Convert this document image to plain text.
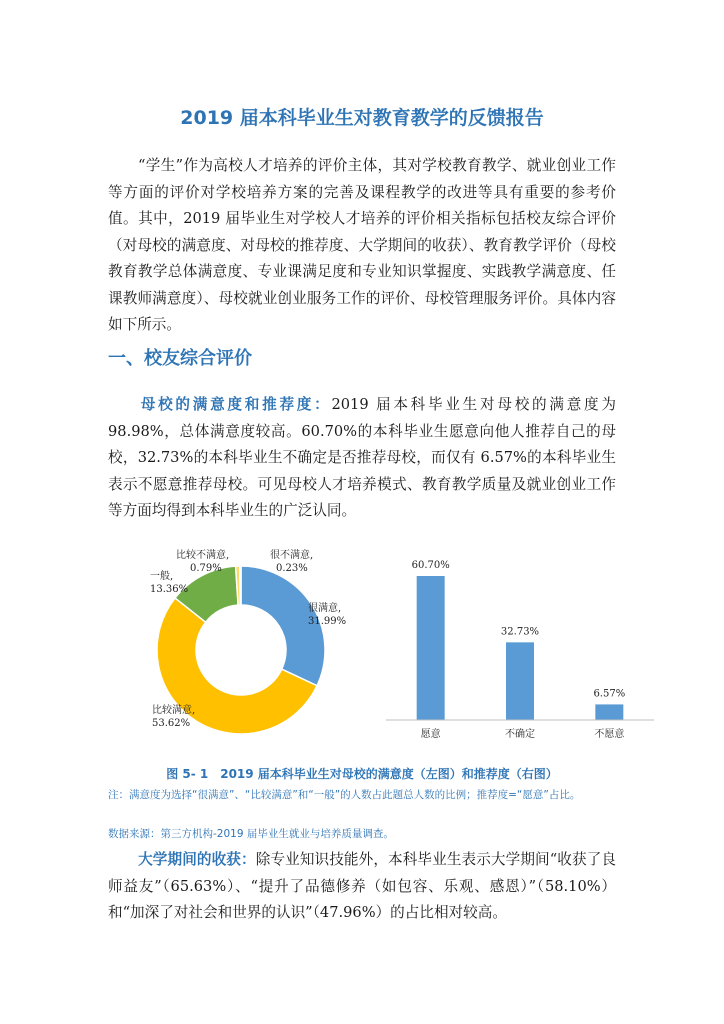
2019 届本科毕业生对教育教学的反馈报告

“学生”作为高校人才培养的评价主体，其对学校教育教学、就业创业工作等方面的评价对学校培养方案的完善及课程教学的改进等具有重要的参考价值。其中，2019 届毕业生对学校人才培养的评价相关指标包括校友综合评价（对母校的满意度、对母校的推荐度、大学期间的收获）、教育教学评价（母校教育教学总体满意度、专业课满足度和专业知识掌握度、实践教学满意度、任课教师满意度）、母校就业创业服务工作的评价、母校管理服务评价。具体内容如下所示。

一、校友综合评价

母校的满意度和推荐度：2019 届本科毕业生对母校的满意度为 98.98%，总体满意度较高。60.70%的本科毕业生愿意向他人推荐自己的母校，32.73%的本科毕业生不确定是否推荐母校，而仅有 6.57%的本科毕业生表示不愿意推荐母校。可见母校人才培养模式、教育教学质量及就业创业工作等方面均得到本科毕业生的广泛认同。

很满意,
31.99%
比较满意,
53.62%
一般,
13.36%
比较不满意,
0.79%
很不满意,
0.23%	60.70%
愿意
32.73%
不确定
6.57%
不愿意

图 5- 1　2019 届本科毕业生对母校的满意度（左图）和推荐度（右图）

注：满意度为选择“很满意”、“比较满意”和“一般”的人数占此题总人数的比例；推荐度=“愿意”占比。

数据来源：第三方机构-2019 届毕业生就业与培养质量调查。

大学期间的收获：除专业知识技能外，本科毕业生表示大学期间“收获了良师益友”（65.63%）、“提升了品德修养（如包容、乐观、感恩）”（58.10%）和“加深了对社会和世界的认识”（47.96%）的占比相对较高。
